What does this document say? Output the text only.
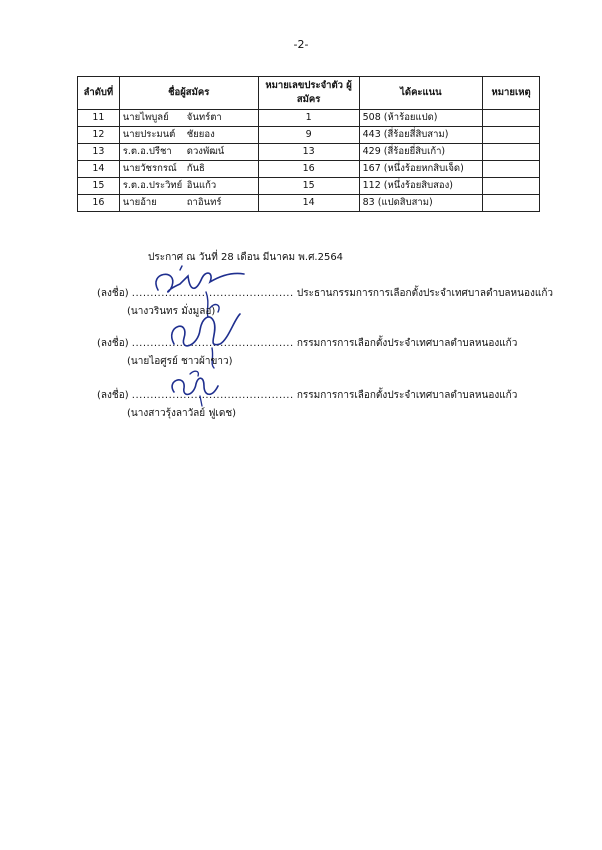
-2-
ลำดับที่	ชื่อผู้สมัคร	หมายเลขประจำตัว ผู้สมัคร	ได้คะแนน	หมายเหตุ
11	นายไพบูลย์ จันทร์ตา	1	508 (ห้าร้อยแปด)	
12	นายประมนต์ ชัยยอง	9	443 (สี่ร้อยสี่สิบสาม)	
13	ร.ต.อ.ปรีชา ดวงพัฒน์	13	429 (สี่ร้อยยี่สิบเก้า)	
14	นายวัชรกรณ์ กันธิ	16	167 (หนึ่งร้อยหกสิบเจ็ด)	
15	ร.ต.อ.ประวิทย์ อินแก้ว	15	112 (หนึ่งร้อยสิบสอง)	
16	นายอ้าย ถาอินทร์	14	83 (แปดสิบสาม)	
ประกาศ ณ วันที่ 28 เดือน มีนาคม พ.ศ.2564
(ลงชื่อ) ............................................ ประธานกรรมการการเลือกตั้งประจำเทศบาลตำบลหนองแก้ว
(นางวรินทร มั่งมูลอ)
(ลงชื่อ) ............................................ กรรมการการเลือกตั้งประจำเทศบาลตำบลหนองแก้ว
(นายไอศูรย์ ชาวผ้าขาว)
(ลงชื่อ) ............................................ กรรมการการเลือกตั้งประจำเทศบาลตำบลหนองแก้ว
(นางสาวรุ้งลาวัลย์ ฟูเดช)
